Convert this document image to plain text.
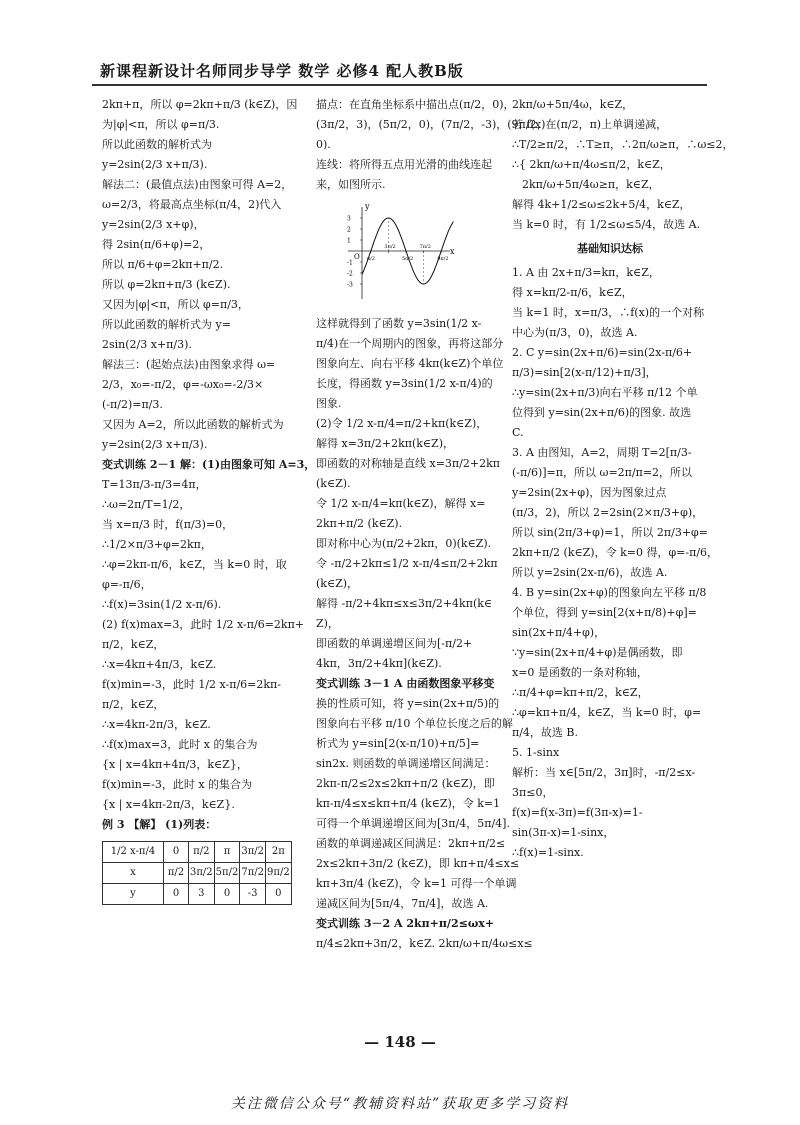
新课程新设计名师同步导学 数学 必修4 配人教B版
2kπ+π，所以 φ=2kπ+π/3 (k∈Z)，因
为|φ|<π，所以 φ=π/3.
所以此函数的解析式为
y=2sin(2/3 x+π/3).
解法二：(最值点法)由图象可得 A=2，
ω=2/3，将最高点坐标(π/4，2)代入
y=2sin(2/3 x+φ)，
得 2sin(π/6+φ)=2，
所以 π/6+φ=2kπ+π/2.
所以 φ=2kπ+π/3 (k∈Z).
又因为|φ|<π，所以 φ=π/3，
所以此函数的解析式为 y=
2sin(2/3 x+π/3).
解法三：(起始点法)由图象求得 ω=
2/3，x₀=-π/2，φ=-ωx₀=-2/3×
(-π/2)=π/3.
又因为 A=2，所以此函数的解析式为
y=2sin(2/3 x+π/3).
变式训练 2－1 解：(1)由图象可知 A=3，
T=13π/3-π/3=4π，
∴ω=2π/T=1/2，
当 x=π/3 时，f(π/3)=0，
∴1/2×π/3+φ=2kπ，
∴φ=2kπ-π/6，k∈Z，当 k=0 时，取
φ=-π/6，
∴f(x)=3sin(1/2 x-π/6).
(2) f(x)max=3，此时 1/2 x-π/6=2kπ+
π/2，k∈Z，
∴x=4kπ+4π/3，k∈Z.
f(x)min=-3，此时 1/2 x-π/6=2kπ-
π/2，k∈Z，
∴x=4kπ-2π/3，k∈Z.
∴f(x)max=3，此时 x 的集合为
{x | x=4kπ+4π/3，k∈Z}，
f(x)min=-3，此时 x 的集合为
{x | x=4kπ-2π/3，k∈Z}.
例 3 【解】 (1)列表：
1/2 x-π/4	0	π/2	π	3π/2	2π
x	π/2	3π/2	5π/2	7π/2	9π/2
y	0	3	0	-3	0
描点：在直角坐标系中描出点(π/2，0)，
(3π/2，3)，(5π/2，0)，(7π/2，-3)，(9π/2，
0).
连线：将所得五点用光滑的曲线连起
来，如图所示.
x
y
O
3
2
1
-1
-2
-3
π/2
3π/2
5π/2
7π/2
9π/2
这样就得到了函数 y=3sin(1/2 x-
π/4)在一个周期内的图象，再将这部分
图象向左、向右平移 4kπ(k∈Z)个单位
长度，得函数 y=3sin(1/2 x-π/4)的
图象.
(2)令 1/2 x-π/4=π/2+kπ(k∈Z)，
解得 x=3π/2+2kπ(k∈Z)，
即函数的对称轴是直线 x=3π/2+2kπ
(k∈Z).
令 1/2 x-π/4=kπ(k∈Z)，解得 x=
2kπ+π/2 (k∈Z).
即对称中心为(π/2+2kπ，0)(k∈Z).
令 -π/2+2kπ≤1/2 x-π/4≤π/2+2kπ
(k∈Z)，
解得 -π/2+4kπ≤x≤3π/2+4kπ(k∈
Z)，
即函数的单调递增区间为[-π/2+
4kπ，3π/2+4kπ](k∈Z).
变式训练 3－1 A 由函数图象平移变
换的性质可知，将 y=sin(2x+π/5)的
图象向右平移 π/10 个单位长度之后的解
析式为 y=sin[2(x-π/10)+π/5]=
sin2x. 则函数的单调递增区间满足：
2kπ-π/2≤2x≤2kπ+π/2 (k∈Z)，即
kπ-π/4≤x≤kπ+π/4 (k∈Z)，令 k=1
可得一个单调递增区间为[3π/4，5π/4].
函数的单调递减区间满足：2kπ+π/2≤
2x≤2kπ+3π/2 (k∈Z)，即 kπ+π/4≤x≤
kπ+3π/4 (k∈Z)，令 k=1 可得一个单调
递减区间为[5π/4，7π/4]，故选 A.
变式训练 3－2 A 2kπ+π/2≤ωx+
π/4≤2kπ+3π/2，k∈Z. 2kπ/ω+π/4ω≤x≤
2kπ/ω+5π/4ω，k∈Z，
若 f(x)在(π/2，π)上单调递减，
∴T/2≥π/2，∴T≥π，∴2π/ω≥π，∴ω≤2，
∴{ 2kπ/ω+π/4ω≤π/2，k∈Z，
2kπ/ω+5π/4ω≥π，k∈Z，
解得 4k+1/2≤ω≤2k+5/4，k∈Z，
当 k=0 时，有 1/2≤ω≤5/4，故选 A.
基础知识达标
1. A 由 2x+π/3=kπ，k∈Z，
得 x=kπ/2-π/6，k∈Z，
当 k=1 时，x=π/3，∴f(x)的一个对称
中心为(π/3，0)，故选 A.
2. C y=sin(2x+π/6)=sin(2x-π/6+
π/3)=sin[2(x-π/12)+π/3]，
∴y=sin(2x+π/3)向右平移 π/12 个单
位得到 y=sin(2x+π/6)的图象. 故选
C.
3. A 由图知，A=2，周期 T=2[π/3-
(-π/6)]=π，所以 ω=2π/π=2，所以
y=2sin(2x+φ)，因为图象过点
(π/3，2)，所以 2=2sin(2×π/3+φ)，
所以 sin(2π/3+φ)=1，所以 2π/3+φ=
2kπ+π/2 (k∈Z)，令 k=0 得，φ=-π/6，
所以 y=2sin(2x-π/6)，故选 A.
4. B y=sin(2x+φ)的图象向左平移 π/8
个单位，得到 y=sin[2(x+π/8)+φ]=
sin(2x+π/4+φ)，
∵y=sin(2x+π/4+φ)是偶函数，即
x=0 是函数的一条对称轴，
∴π/4+φ=kπ+π/2，k∈Z，
∴φ=kπ+π/4，k∈Z，当 k=0 时，φ=
π/4，故选 B.
5. 1-sinx
解析：当 x∈[5π/2，3π]时，-π/2≤x-
3π≤0，
f(x)=f(x-3π)=f(3π-x)=1-
sin(3π-x)=1-sinx，
∴f(x)=1-sinx.
— 148 —
关注微信公众号“教辅资料站”获取更多学习资料
